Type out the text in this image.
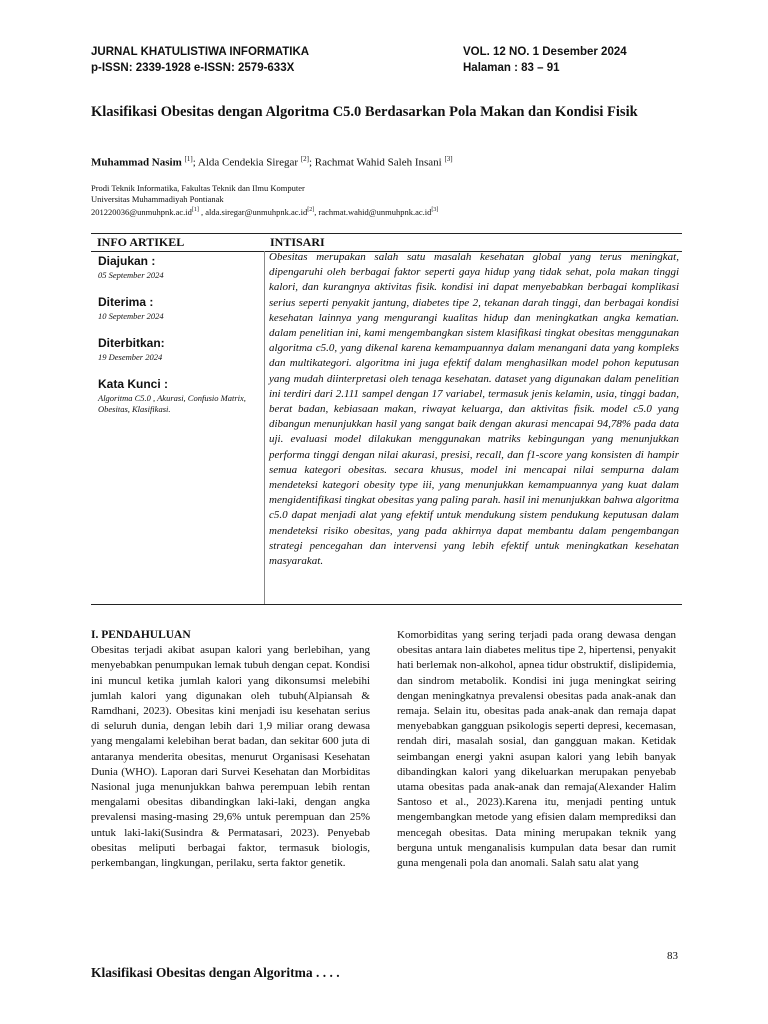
JURNAL KHATULISTIWA INFORMATIKA
p-ISSN: 2339-1928 e-ISSN: 2579-633X
VOL. 12 NO. 1 Desember 2024
Halaman : 83 – 91
Klasifikasi Obesitas dengan Algoritma C5.0 Berdasarkan Pola Makan dan Kondisi Fisik
Muhammad Nasim [1]; Alda Cendekia Siregar [2]; Rachmat Wahid Saleh Insani [3]
Prodi Teknik Informatika, Fakultas Teknik dan Ilmu Komputer
Universitas Muhammadiyah Pontianak
201220036@unmuhpnk.ac.id[1] , alda.siregar@unmuhpnk.ac.id[2], rachmat.wahid@unmuhpnk.ac.id[3]
INFO ARTIKEL	INTISARI

Diajukan :

05 September 2024

Diterima :

10 September 2024

Diterbitkan:

19 Desember 2024

Kata Kunci :

Algoritma C5.0 , Akurasi, Confusio Matrix, Obesitas, Klasifikasi.

Obesitas merupakan salah satu masalah kesehatan global yang terus meningkat, dipengaruhi oleh berbagai faktor seperti gaya hidup yang tidak sehat, pola makan tinggi kalori, dan kurangnya aktivitas fisik. kondisi ini dapat menyebabkan berbagai komplikasi serius seperti penyakit jantung, diabetes tipe 2, tekanan darah tinggi, dan berbagai kondisi kesehatan lainnya yang mengurangi kualitas hidup dan meningkatkan angka kematian. dalam penelitian ini, kami mengembangkan sistem klasifikasi tingkat obesitas menggunakan algoritma c5.0, yang dikenal karena kemampuannya dalam menangani data yang kompleks dan multikategori. algoritma ini juga efektif dalam menghasilkan model pohon keputusan yang mudah diinterpretasi oleh tenaga kesehatan. dataset yang digunakan dalam penelitian ini terdiri dari 2.111 sampel dengan 17 variabel, termasuk jenis kelamin, usia, tinggi badan, berat badan, kebiasaan makan, riwayat keluarga, dan aktivitas fisik. model c5.0 yang dibangun menunjukkan hasil yang sangat baik dengan akurasi mencapai 94,78% pada data uji. evaluasi model dilakukan menggunakan matriks kebingungan yang menunjukkan performa tinggi dengan nilai akurasi, presisi, recall, dan f1-score yang konsisten di hampir semua kategori obesitas. secara khusus, model ini mencapai nilai sempurna dalam mendeteksi kategori obesity type iii, yang menunjukkan kemampuannya yang kuat dalam mengidentifikasi tingkat obesitas yang paling parah. hasil ini menunjukkan bahwa algoritma c5.0 dapat menjadi alat yang efektif untuk mendukung sistem pendukung keputusan dalam mendeteksi risiko obesitas, yang pada akhirnya dapat membantu dalam pengembangan strategi pencegahan dan intervensi yang lebih efektif untuk meningkatkan kesehatan masyarakat.

I. PENDAHULUAN

Obesitas terjadi akibat asupan kalori yang berlebihan, yang menyebabkan penumpukan lemak tubuh dengan cepat. Kondisi ini muncul ketika jumlah kalori yang dikonsumsi melebihi jumlah kalori yang digunakan oleh tubuh(Alpiansah & Ramdhani, 2023). Obesitas kini menjadi isu kesehatan serius di seluruh dunia, dengan lebih dari 1,9 miliar orang dewasa yang mengalami kelebihan berat badan, dan sekitar 600 juta di antaranya menderita obesitas, menurut Organisasi Kesehatan Dunia (WHO). Laporan dari Survei Kesehatan dan Morbiditas Nasional juga menunjukkan bahwa perempuan lebih rentan mengalami obesitas dibandingkan laki-laki, dengan angka prevalensi masing-masing 29,6% untuk perempuan dan 25% untuk laki-laki(Susindra & Permatasari, 2023). Penyebab obesitas meliputi berbagai faktor, termasuk biologis, perkembangan, lingkungan, perilaku, serta faktor genetik.

Komorbiditas yang sering terjadi pada orang dewasa dengan obesitas antara lain diabetes melitus tipe 2, hipertensi, penyakit hati berlemak non-alkohol, apnea tidur obstruktif, dislipidemia, dan sindrom metabolik. Kondisi ini juga meningkat seiring dengan meningkatnya prevalensi obesitas pada anak-anak dan remaja. Selain itu, obesitas pada anak-anak dan remaja dapat menyebabkan gangguan psikologis seperti depresi, kecemasan, rendah diri, masalah sosial, dan gangguan makan. Ketidak seimbangan energi yakni asupan kalori yang lebih banyak dibandingkan kalori yang dikeluarkan merupakan penyebab utama obesitas pada anak-anak dan remaja(Alexander Halim Santoso et al., 2023).Karena itu, menjadi penting untuk mengembangkan metode yang efisien dalam memprediksi dan mencegah obesitas. Data mining merupakan teknik yang berguna untuk menganalisis kumpulan data besar dan rumit guna mengenali pola dan anomali. Salah satu alat yang

83
Klasifikasi Obesitas dengan Algoritma . . . .
